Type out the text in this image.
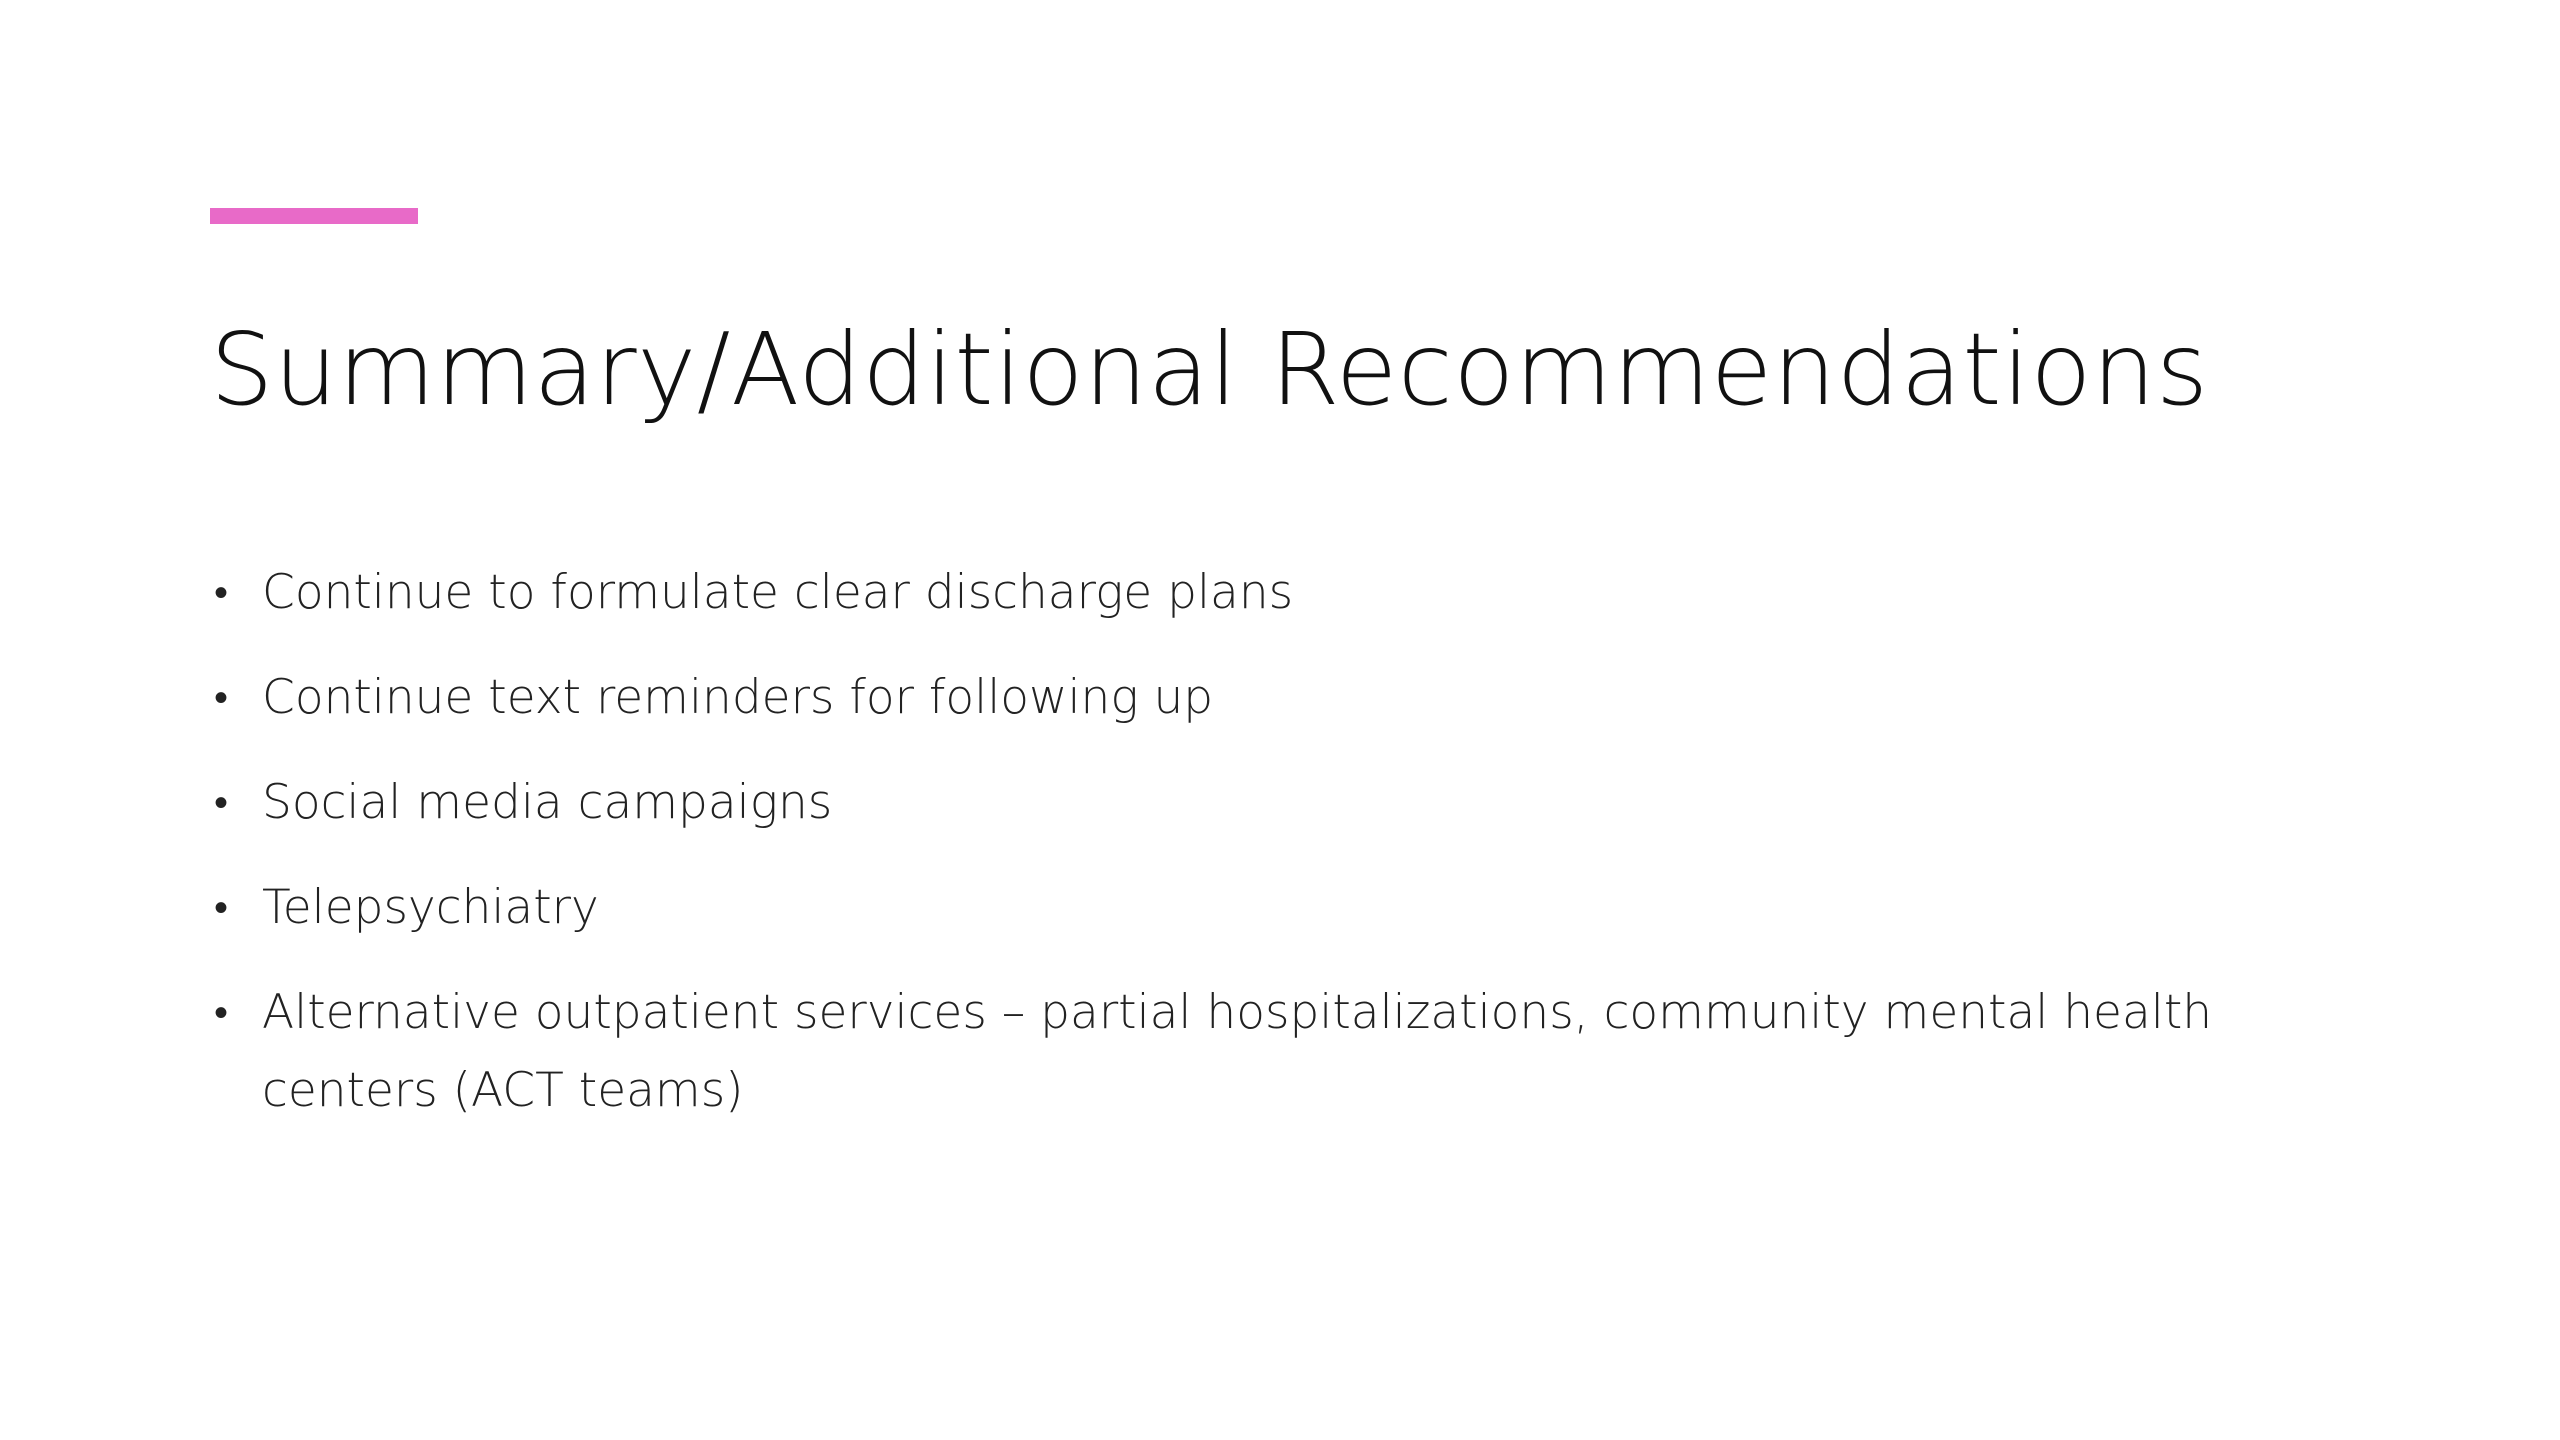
Summary/Additional Recommendations
• Continue to formulate clear discharge plans
• Continue text reminders for following up
• Social media campaigns
• Telepsychiatry
• Alternative outpatient services – partial hospitalizations, community mental health centers (ACT teams)
